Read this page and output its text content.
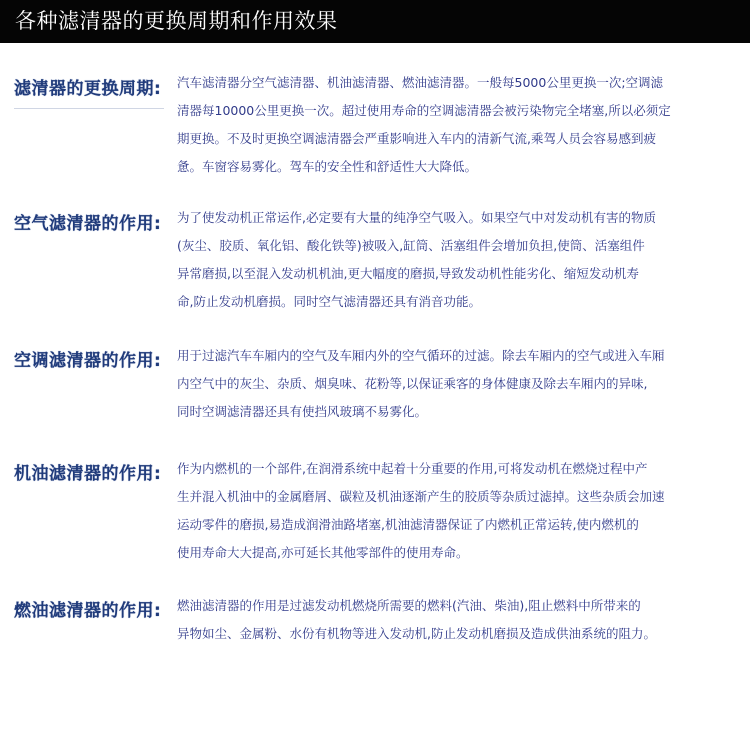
各种滤清器的更换周期和作用效果
滤清器的更换周期: 汽车滤清器分空气滤清器、机油滤清器、燃油滤清器。一般每5000公里更换一次;空调滤
清器每10000公里更换一次。超过使用寿命的空调滤清器会被污染物完全堵塞,所以必须定
期更换。不及时更换空调滤清器会严重影响进入车内的清新气流,乘驾人员会容易感到疲
惫。车窗容易雾化。驾车的安全性和舒适性大大降低。
空气滤清器的作用: 为了使发动机正常运作,必定要有大量的纯净空气吸入。如果空气中对发动机有害的物质
(灰尘、胶质、氧化铝、酸化铁等)被吸入,缸筒、活塞组件会增加负担,使筒、活塞组件
异常磨损,以至混入发动机机油,更大幅度的磨损,导致发动机性能劣化、缩短发动机寿
命,防止发动机磨损。同时空气滤清器还具有消音功能。
空调滤清器的作用: 用于过滤汽车车厢内的空气及车厢内外的空气循环的过滤。除去车厢内的空气或进入车厢
内空气中的灰尘、杂质、烟臭味、花粉等,以保证乘客的身体健康及除去车厢内的异味,
同时空调滤清器还具有使挡风玻璃不易雾化。
机油滤清器的作用: 作为内燃机的一个部件,在润滑系统中起着十分重要的作用,可将发动机在燃烧过程中产
生并混入机油中的金属磨屑、碳粒及机油逐渐产生的胶质等杂质过滤掉。这些杂质会加速
运动零件的磨损,易造成润滑油路堵塞,机油滤清器保证了内燃机正常运转,使内燃机的
使用寿命大大提高,亦可延长其他零部件的使用寿命。
燃油滤清器的作用: 燃油滤清器的作用是过滤发动机燃烧所需要的燃料(汽油、柴油),阻止燃料中所带来的
异物如尘、金属粉、水份有机物等进入发动机,防止发动机磨损及造成供油系统的阻力。
